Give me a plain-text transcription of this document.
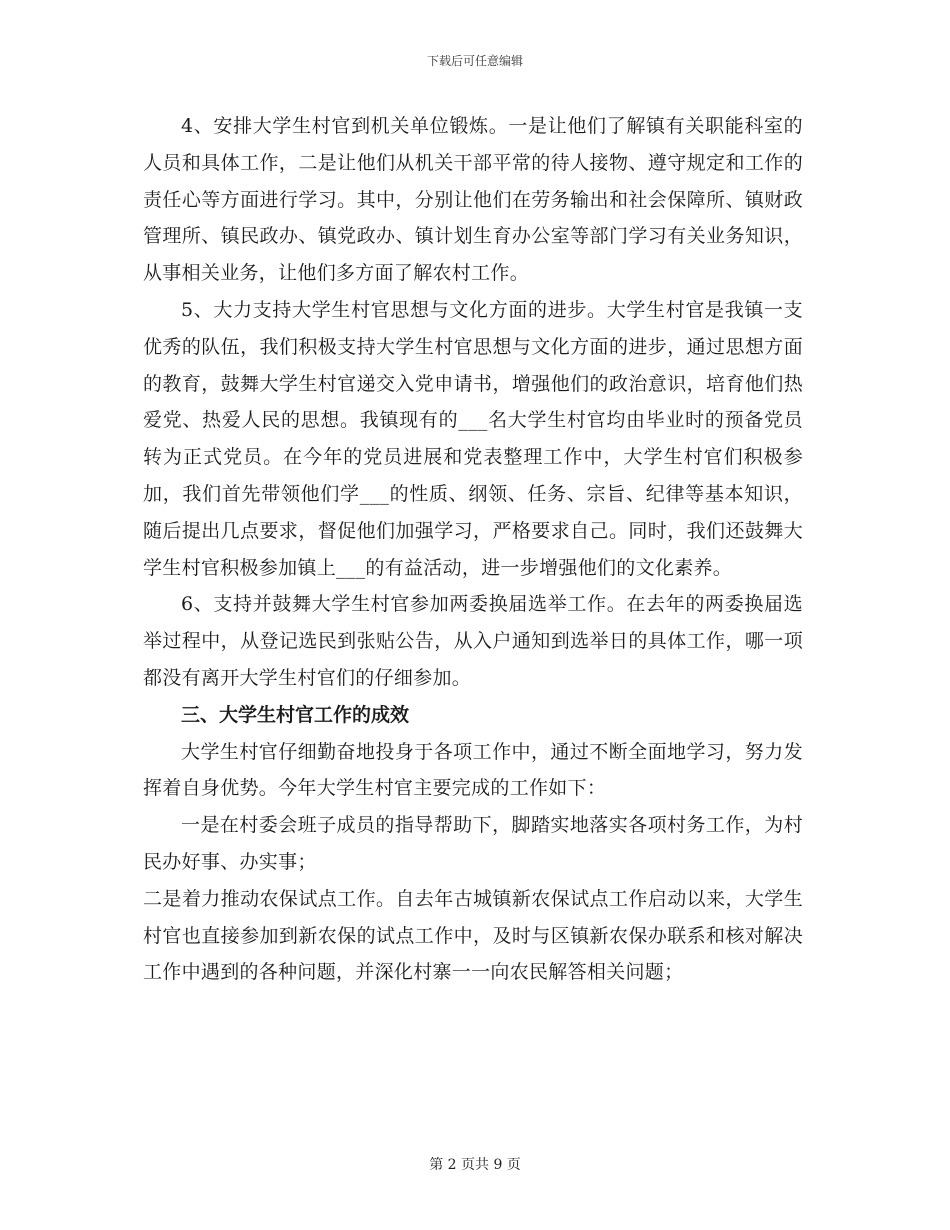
下载后可任意编辑

4、安排大学生村官到机关单位锻炼。一是让他们了解镇有关职能科室的人员和具体工作，二是让他们从机关干部平常的待人接物、遵守规定和工作的责任心等方面进行学习。其中，分别让他们在劳务输出和社会保障所、镇财政管理所、镇民政办、镇党政办、镇计划生育办公室等部门学习有关业务知识，从事相关业务，让他们多方面了解农村工作。

5、大力支持大学生村官思想与文化方面的进步。大学生村官是我镇一支优秀的队伍，我们积极支持大学生村官思想与文化方面的进步，通过思想方面的教育，鼓舞大学生村官递交入党申请书，增强他们的政治意识，培育他们热爱党、热爱人民的思想。我镇现有的___名大学生村官均由毕业时的预备党员转为正式党员。在今年的党员进展和党表整理工作中，大学生村官们积极参加，我们首先带领他们学___的性质、纲领、任务、宗旨、纪律等基本知识，随后提出几点要求，督促他们加强学习，严格要求自己。同时，我们还鼓舞大学生村官积极参加镇上___的有益活动，进一步增强他们的文化素养。

6、支持并鼓舞大学生村官参加两委换届选举工作。在去年的两委换届选举过程中，从登记选民到张贴公告，从入户通知到选举日的具体工作，哪一项都没有离开大学生村官们的仔细参加。

三、大学生村官工作的成效

大学生村官仔细勤奋地投身于各项工作中，通过不断全面地学习，努力发挥着自身优势。今年大学生村官主要完成的工作如下：

一是在村委会班子成员的指导帮助下，脚踏实地落实各项村务工作，为村民办好事、办实事；

二是着力推动农保试点工作。自去年古城镇新农保试点工作启动以来，大学生村官也直接参加到新农保的试点工作中，及时与区镇新农保办联系和核对解决工作中遇到的各种问题，并深化村寨一一向农民解答相关问题；

第 2 页共 9 页
